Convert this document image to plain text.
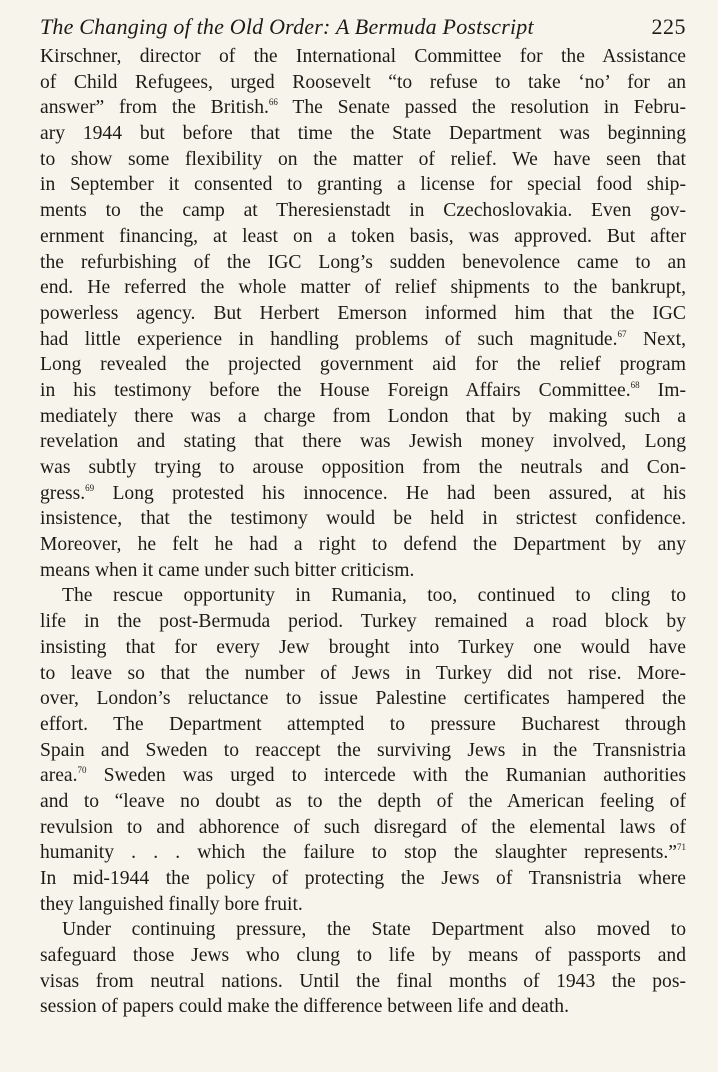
The Changing of the Old Order: A Bermuda Postscript	225
Kirschner, director of the International Committee for the Assistance
of Child Refugees, urged Roosevelt “to refuse to take ‘no’ for an
answer” from the British.$^{66}$ The Senate passed the resolution in Febru-
ary 1944 but before that time the State Department was beginning
to show some flexibility on the matter of relief. We have seen that
in September it consented to granting a license for special food ship-
ments to the camp at Theresienstadt in Czechoslovakia. Even gov-
ernment financing, at least on a token basis, was approved. But after
the refurbishing of the IGC Long’s sudden benevolence came to an
end. He referred the whole matter of relief shipments to the bankrupt,
powerless agency. But Herbert Emerson informed him that the IGC
had little experience in handling problems of such magnitude.$^{67}$ Next,
Long revealed the projected government aid for the relief program
in his testimony before the House Foreign Affairs Committee.$^{68}$ Im-
mediately there was a charge from London that by making such a
revelation and stating that there was Jewish money involved, Long
was subtly trying to arouse opposition from the neutrals and Con-
gress.$^{69}$ Long protested his innocence. He had been assured, at his
insistence, that the testimony would be held in strictest confidence.
Moreover, he felt he had a right to defend the Department by any
means when it came under such bitter criticism.
The rescue opportunity in Rumania, too, continued to cling to
life in the post-Bermuda period. Turkey remained a road block by
insisting that for every Jew brought into Turkey one would have
to leave so that the number of Jews in Turkey did not rise. More-
over, London’s reluctance to issue Palestine certificates hampered the
effort. The Department attempted to pressure Bucharest through
Spain and Sweden to reaccept the surviving Jews in the Transnistria
area.$^{70}$ Sweden was urged to intercede with the Rumanian authorities
and to “leave no doubt as to the depth of the American feeling of
revulsion to and abhorence of such disregard of the elemental laws of
humanity . . . which the failure to stop the slaughter represents.”$^{71}$
In mid-1944 the policy of protecting the Jews of Transnistria where
they languished finally bore fruit.
Under continuing pressure, the State Department also moved to
safeguard those Jews who clung to life by means of passports and
visas from neutral nations. Until the final months of 1943 the pos-
session of papers could make the difference between life and death.
